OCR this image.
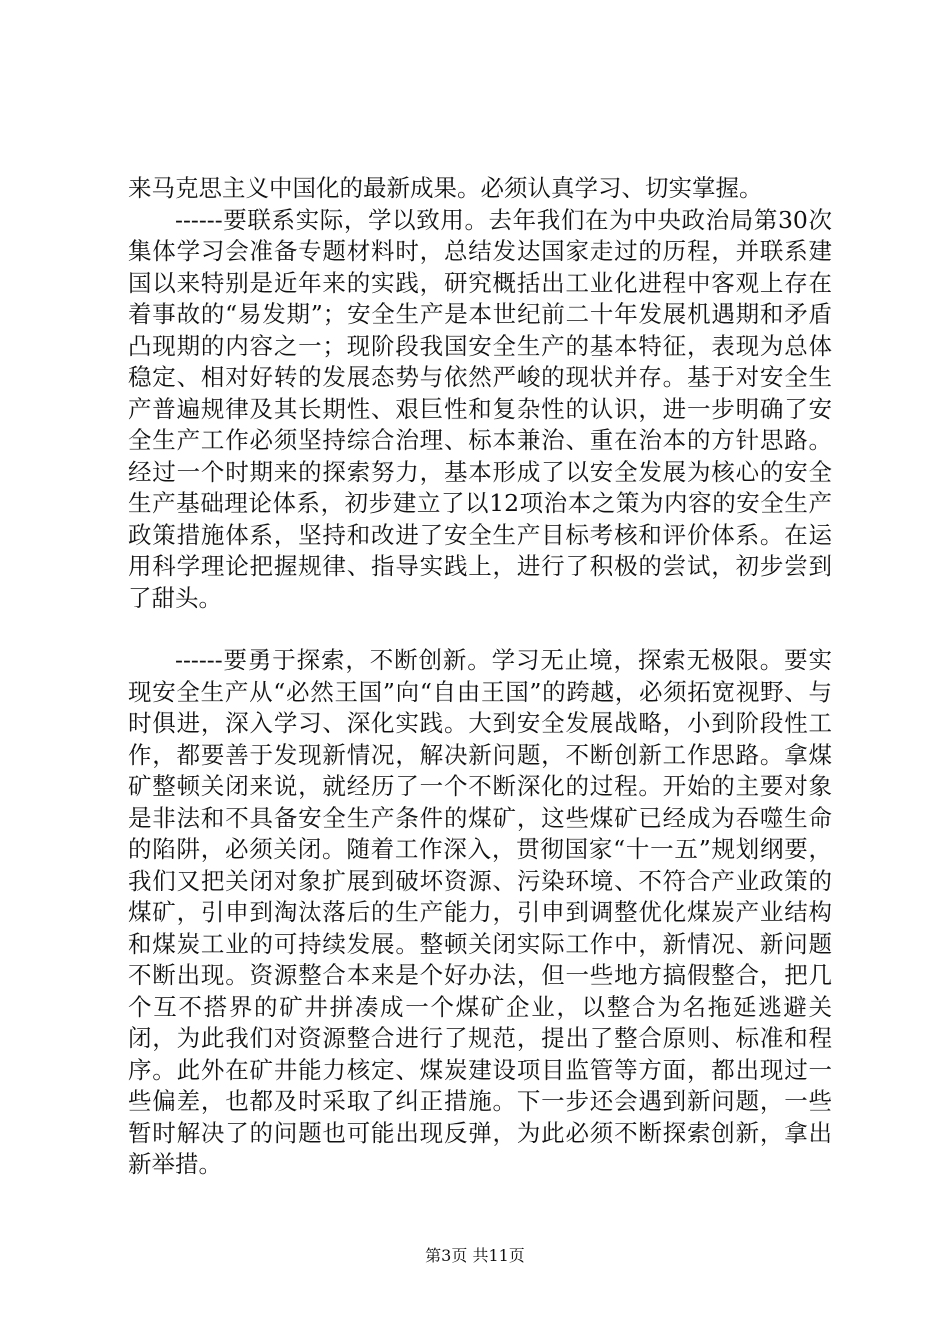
来马克思主义中国化的最新成果。必须认真学习、切实掌握。

------要联系实际，学以致用。去年我们在为中央政治局第30次集体学习会准备专题材料时，总结发达国家走过的历程，并联系建国以来特别是近年来的实践，研究概括出工业化进程中客观上存在着事故的“易发期”；安全生产是本世纪前二十年发展机遇期和矛盾凸现期的内容之一；现阶段我国安全生产的基本特征，表现为总体稳定、相对好转的发展态势与依然严峻的现状并存。基于对安全生产普遍规律及其长期性、艰巨性和复杂性的认识，进一步明确了安全生产工作必须坚持综合治理、标本兼治、重在治本的方针思路。经过一个时期来的探索努力，基本形成了以安全发展为核心的安全生产基础理论体系，初步建立了以12项治本之策为内容的安全生产政策措施体系，坚持和改进了安全生产目标考核和评价体系。在运用科学理论把握规律、指导实践上，进行了积极的尝试，初步尝到了甜头。

------要勇于探索，不断创新。学习无止境，探索无极限。要实现安全生产从“必然王国”向“自由王国”的跨越，必须拓宽视野、与时俱进，深入学习、深化实践。大到安全发展战略，小到阶段性工作，都要善于发现新情况，解决新问题，不断创新工作思路。拿煤矿整顿关闭来说，就经历了一个不断深化的过程。开始的主要对象是非法和不具备安全生产条件的煤矿，这些煤矿已经成为吞噬生命的陷阱，必须关闭。随着工作深入，贯彻国家“十一五”规划纲要，我们又把关闭对象扩展到破坏资源、污染环境、不符合产业政策的煤矿，引申到淘汰落后的生产能力，引申到调整优化煤炭产业结构和煤炭工业的可持续发展。整顿关闭实际工作中，新情况、新问题不断出现。资源整合本来是个好办法，但一些地方搞假整合，把几个互不搭界的矿井拼凑成一个煤矿企业，以整合为名拖延逃避关闭，为此我们对资源整合进行了规范，提出了整合原则、标准和程序。此外在矿井能力核定、煤炭建设项目监管等方面，都出现过一些偏差，也都及时采取了纠正措施。下一步还会遇到新问题，一些暂时解决了的问题也可能出现反弹，为此必须不断探索创新，拿出新举措。

第3页 共11页
